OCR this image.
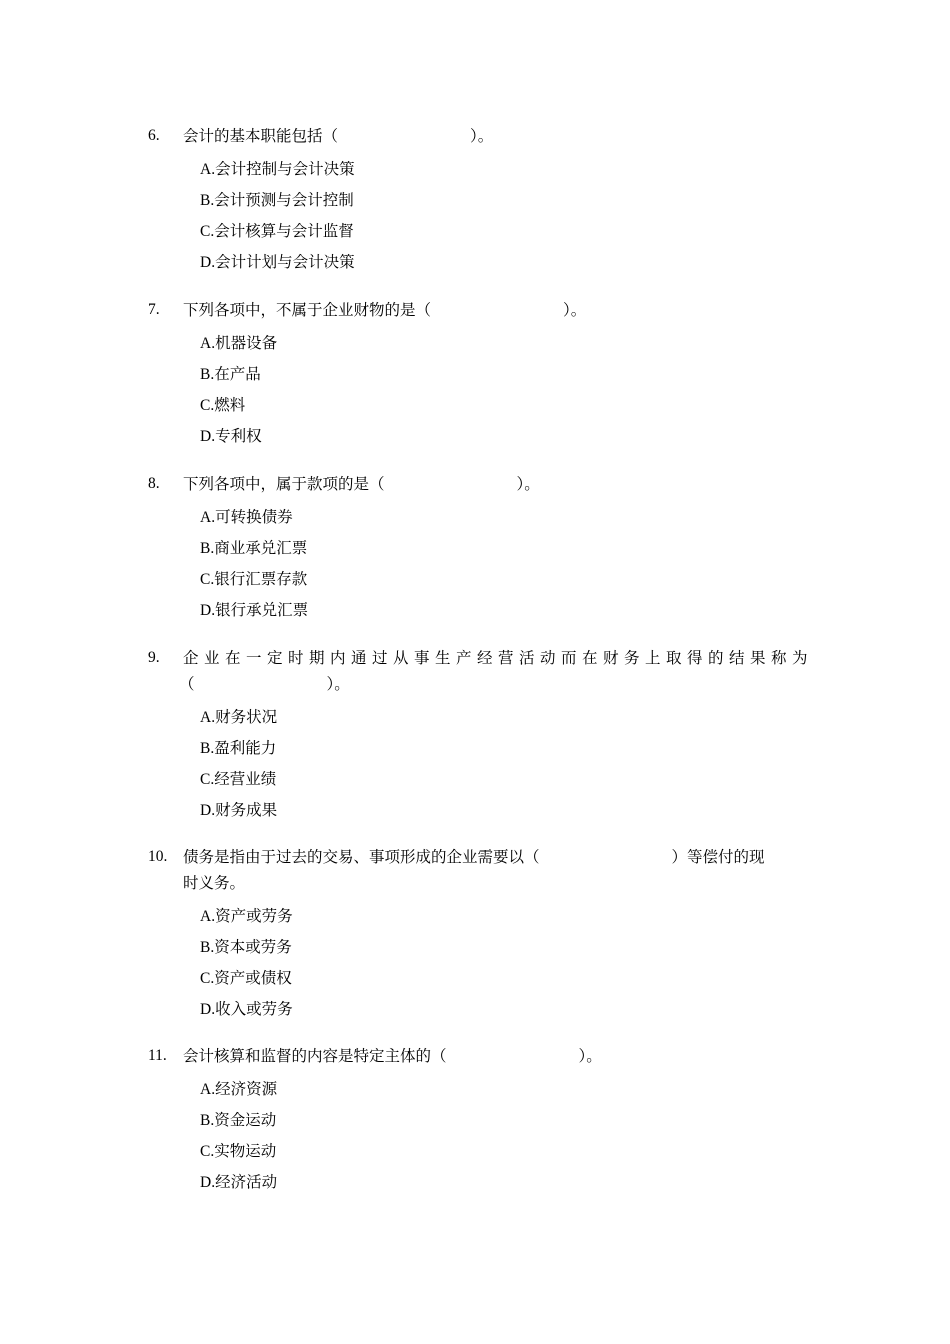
6. 会计的基本职能包括（	）。
A.会计控制与会计决策
B.会计预测与会计控制
C.会计核算与会计监督
D.会计计划与会计决策
7. 下列各项中，不属于企业财物的是（	）。
A.机器设备
B.在产品
C.燃料
D.专利权
8. 下列各项中，属于款项的是（	）。
A.可转换债券
B.商业承兑汇票
C.银行汇票存款
D.银行承兑汇票
9. 企业在一定时期内通过从事生产经营活动而在财务上取得的结果称为
（	）。
A.财务状况
B.盈利能力
C.经营业绩
D.财务成果
10. 债务是指由于过去的交易、事项形成的企业需要以（	）等偿付的现
时义务。
A.资产或劳务
B.资本或劳务
C.资产或债权
D.收入或劳务
11. 会计核算和监督的内容是特定主体的（	）。
A.经济资源
B.资金运动
C.实物运动
D.经济活动
